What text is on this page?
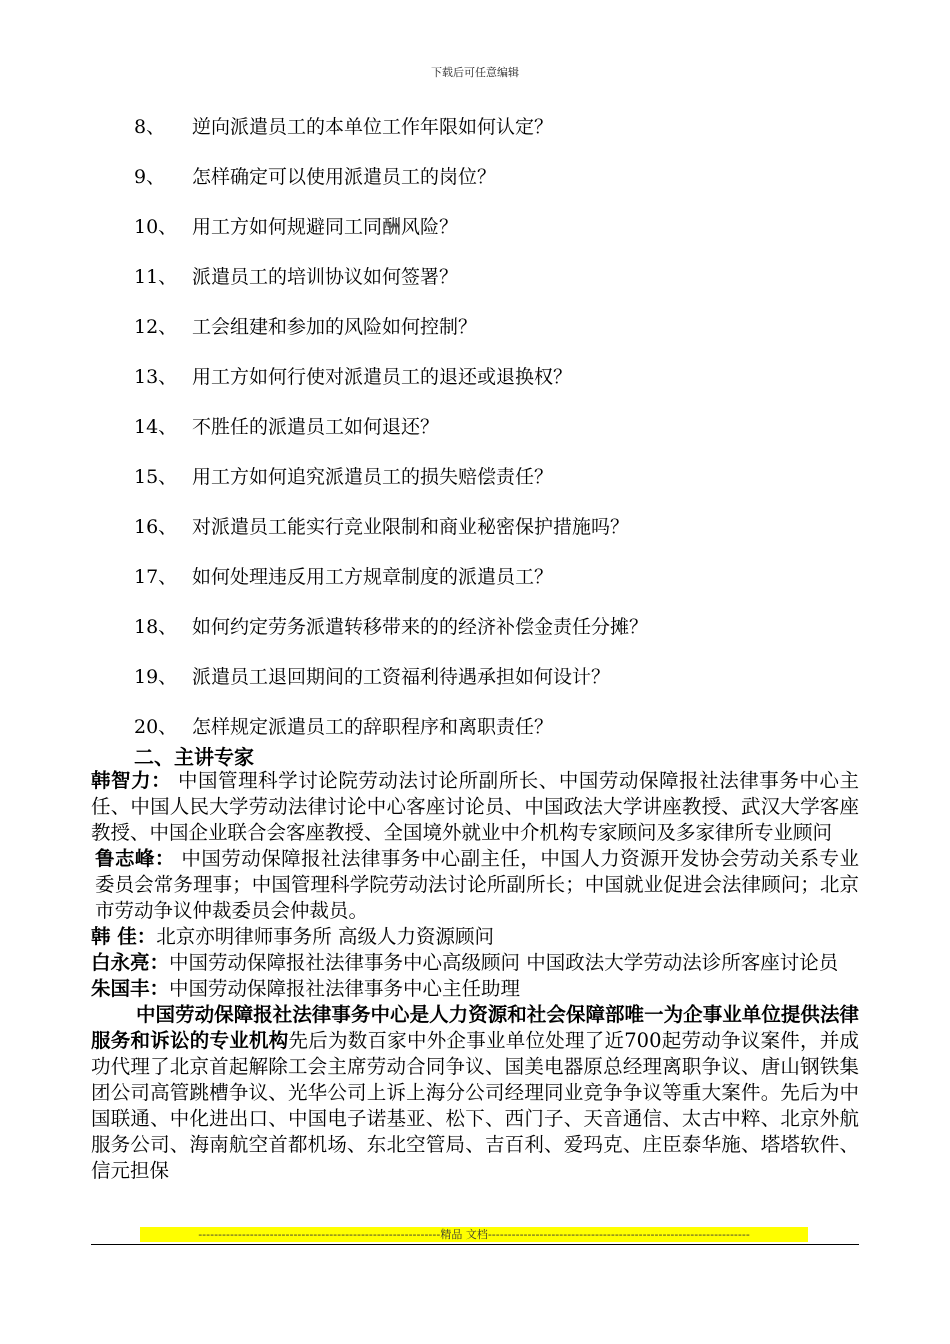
下载后可任意编辑
8、 逆向派遣员工的本单位工作年限如何认定？
9、 怎样确定可以使用派遣员工的岗位？
10、 用工方如何规避同工同酬风险？
11、 派遣员工的培训协议如何签署？
12、 工会组建和参加的风险如何控制？
13、 用工方如何行使对派遣员工的退还或退换权？
14、 不胜任的派遣员工如何退还？
15、 用工方如何追究派遣员工的损失赔偿责任？
16、 对派遣员工能实行竞业限制和商业秘密保护措施吗？
17、 如何处理违反用工方规章制度的派遣员工？
18、 如何约定劳务派遣转移带来的的经济补偿金责任分摊？
19、 派遣员工退回期间的工资福利待遇承担如何设计？
20、 怎样规定派遣员工的辞职程序和离职责任？
二、主讲专家

韩智力： 中国管理科学讨论院劳动法讨论所副所长、中国劳动保障报社法律事务中心主任、中国人民大学劳动法律讨论中心客座讨论员、中国政法大学讲座教授、武汉大学客座教授、中国企业联合会客座教授、全国境外就业中介机构专家顾问及多家律所专业顾问

鲁志峰： 中国劳动保障报社法律事务中心副主任，中国人力资源开发协会劳动关系专业委员会常务理事；中国管理科学院劳动法讨论所副所长；中国就业促进会法律顾问；北京市劳动争议仲裁委员会仲裁员。

韩 佳：北京亦明律师事务所 高级人力资源顾问

白永亮：中国劳动保障报社法律事务中心高级顾问 中国政法大学劳动法诊所客座讨论员

朱国丰：中国劳动保障报社法律事务中心主任助理

中国劳动保障报社法律事务中心是人力资源和社会保障部唯一为企事业单位提供法律服务和诉讼的专业机构先后为数百家中外企事业单位处理了近700起劳动争议案件，并成功代理了北京首起解除工会主席劳动合同争议、国美电器原总经理离职争议、唐山钢铁集团公司高管跳槽争议、光华公司上诉上海分公司经理同业竞争争议等重大案件。先后为中国联通、中化进出口、中国电子诺基亚、松下、西门子、天音通信、太古中粹、北京外航服务公司、海南航空首都机场、东北空管局、吉百利、爱玛克、庄臣泰华施、塔塔软件、信元担保

-------------------------------------------------------------精品 文档------------------------------------------------------------------
